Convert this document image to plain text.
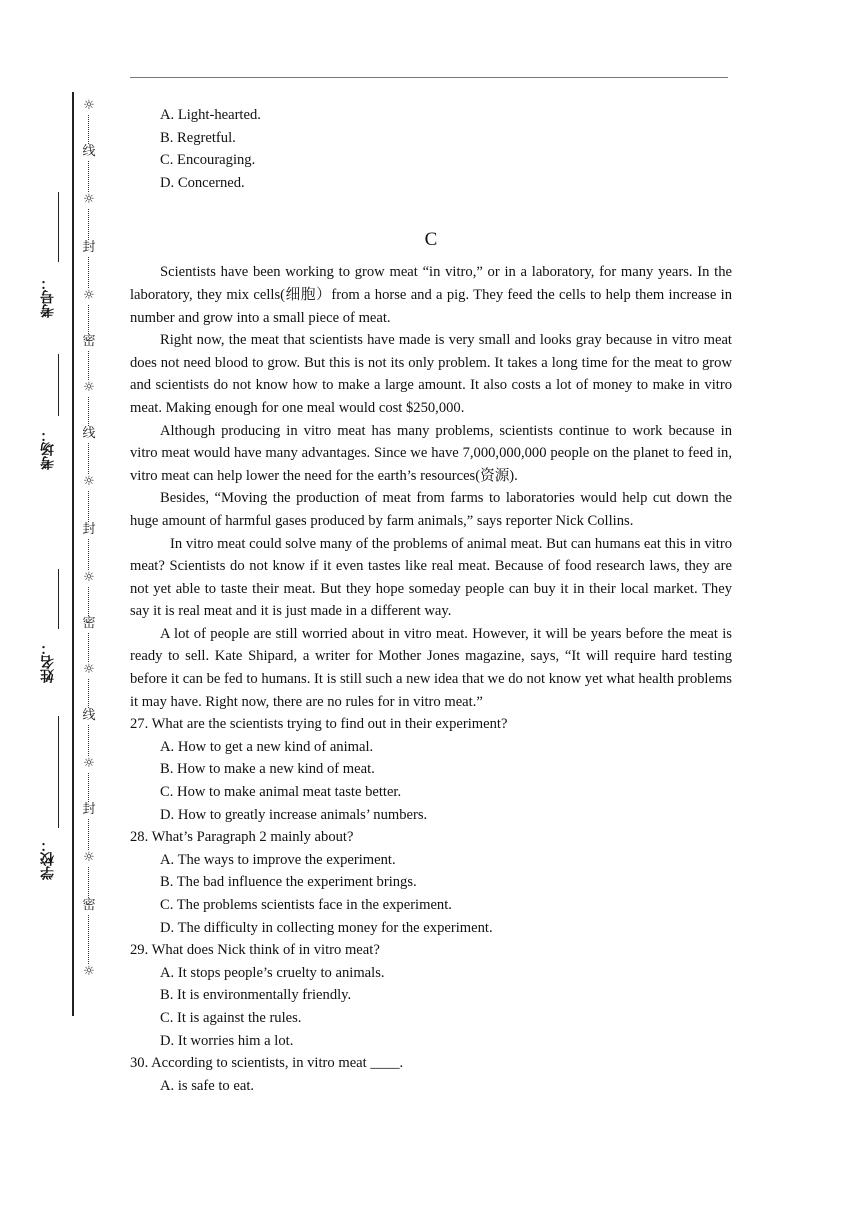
☼
线
☼
封
☼
密
☼
线
☼
封
☼
密
☼
线
☼
封
☼
密
☼
考号：
考场：
姓名：
学校：
A. Light-hearted.
B. Regretful.
C. Encouraging.
D. Concerned.
C

Scientists have been working to grow meat “in vitro,” or in a laboratory, for many years. In the laboratory, they mix cells(细胞）from a horse and a pig. They feed the cells to help them increase in number and grow into a small piece of meat.

Right now, the meat that scientists have made is very small and looks gray because in vitro meat does not need blood to grow. But this is not its only problem. It takes a long time for the meat to grow and scientists do not know how to make a large amount. It also costs a lot of money to make in vitro meat. Making enough for one meal would cost $250,000.

Although producing in vitro meat has many problems, scientists continue to work because in vitro meat would have many advantages. Since we have 7,000,000,000 people on the planet to feed in, vitro meat can help lower the need for the earth’s resources(资源).

Besides, “Moving the production of meat from farms to laboratories would help cut down the huge amount of harmful gases produced by farm animals,” says reporter Nick Collins.

In vitro meat could solve many of the problems of animal meat. But can humans eat this in vitro meat? Scientists do not know if it even tastes like real meat. Because of food research laws, they are not yet able to taste their meat. But they hope someday people can buy it in their local market. They say it is real meat and it is just made in a different way.

A lot of people are still worried about in vitro meat. However, it will be years before the meat is ready to sell. Kate Shipard, a writer for Mother Jones magazine, says, “It will require hard testing before it can be fed to humans. It is still such a new idea that we do not know yet what health problems it may have. Right now, there are no rules for in vitro meat.”

27. What are the scientists trying to find out in their experiment?

A. How to get a new kind of animal.
B. How to make a new kind of meat.
C. How to make animal meat taste better.
D. How to greatly increase animals’ numbers.

28. What’s Paragraph 2 mainly about?

A. The ways to improve the experiment.
B. The bad influence the experiment brings.
C. The problems scientists face in the experiment.
D. The difficulty in collecting money for the experiment.

29. What does Nick think of in vitro meat?

A. It stops people’s cruelty to animals.
B. It is environmentally friendly.
C. It is against the rules.
D. It worries him a lot.

30. According to scientists, in vitro meat ____.

A. is safe to eat.
